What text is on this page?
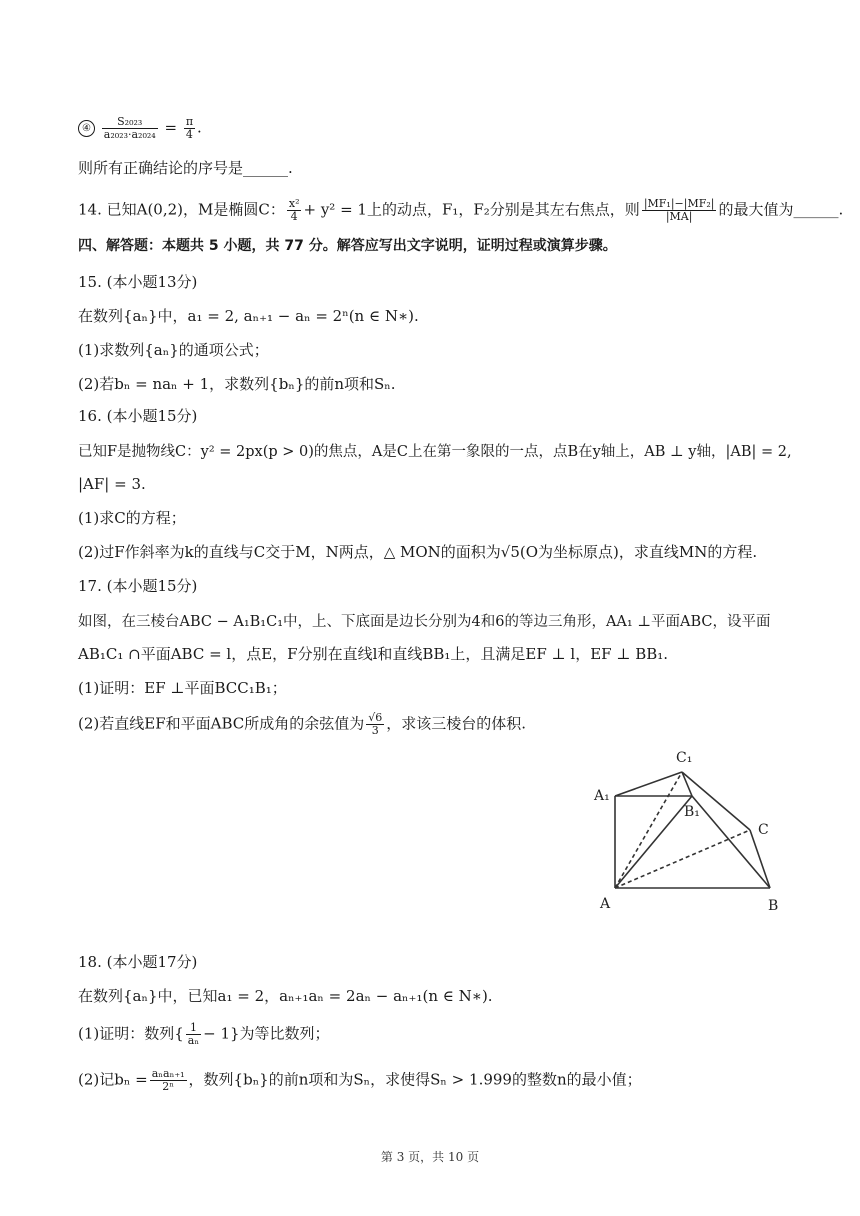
④ $\frac{\text{S₂₀₂₃}}{\text{a₂₀₂₃·a₂₀₂₄}} = \frac{\pi}{4}$ .
则所有正确结论的序号是______.
14. 已知A(0,2)，M是椭圆C： $\frac{\text{x²}}{4} + y^2 = 1$上的动点，F₁，F₂分别是其左右焦点，则 $\frac{\text{|MF₁|−|MF₂|}}{|MA|}$ 的最大值为______.
四、解答题：本题共 5 小题，共 77 分。解答应写出文字说明，证明过程或演算步骤。
15. (本小题13分)
在数列{aₙ}中，a₁ = 2, aₙ₊₁ − aₙ = 2ⁿ(n ∈ N∗).
(1)求数列{aₙ}的通项公式；
(2)若bₙ = naₙ + 1，求数列{bₙ}的前n项和Sₙ.
16. (本小题15分)
已知F是抛物线C：y² = 2px(p > 0)的焦点，A是C上在第一象限的一点，点B在y轴上，AB ⊥ y轴，|AB| = 2,
|AF| = 3.
(1)求C的方程；
(2)过F作斜率为k的直线与C交于M，N两点，△ MON的面积为√5(O为坐标原点)，求直线MN的方程.
17. (本小题15分)
如图，在三棱台ABC − A₁B₁C₁中，上、下底面是边长分别为4和6的等边三角形，AA₁ ⊥平面ABC，设平面
AB₁C₁ ∩平面ABC = l，点E，F分别在直线l和直线BB₁上，且满足EF ⊥ l，EF ⊥ BB₁.
(1)证明：EF ⊥平面BCC₁B₁；
(2)若直线EF和平面ABC所成角的余弦值为 $\frac{√6}{3}$ ，求该三棱台的体积.
A₁
C₁
B₁
C
A	B
18. (本小题17分)
在数列{aₙ}中，已知a₁ = 2，aₙ₊₁aₙ = 2aₙ − aₙ₊₁(n ∈ N∗).
(1)证明：数列{ $\frac{1}{\text{aₙ}} - 1$}为等比数列；
(2)记$b_n = \frac{\text{aₙaₙ₊₁}}{\text{2ⁿ}}$ ，数列{bₙ}的前n项和为Sₙ，求使得Sₙ > 1.999的整数n的最小值；
第 3 页，共 10 页
